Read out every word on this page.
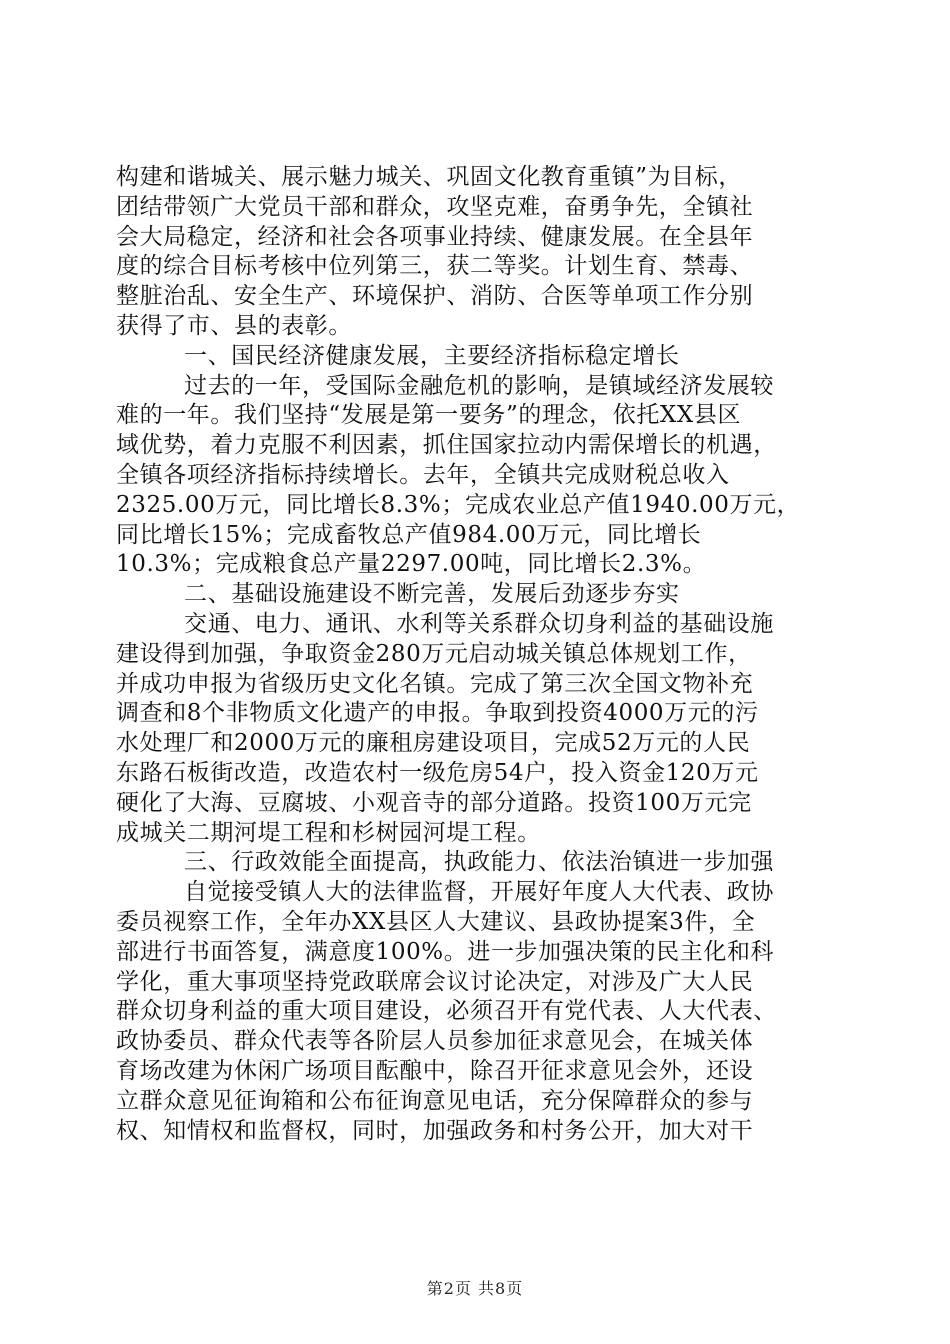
构建和谐城关、展示魅力城关、巩固文化教育重镇”为目标，
团结带领广大党员干部和群众，攻坚克难，奋勇争先，全镇社
会大局稳定，经济和社会各项事业持续、健康发展。在全县年
度的综合目标考核中位列第三，获二等奖。计划生育、禁毒、
整脏治乱、安全生产、环境保护、消防、合医等单项工作分别
获得了市、县的表彰。
一、国民经济健康发展，主要经济指标稳定增长
过去的一年，受国际金融危机的影响，是镇域经济发展较
难的一年。我们坚持“发展是第一要务”的理念，依托XX县区
域优势，着力克服不利因素，抓住国家拉动内需保增长的机遇，
全镇各项经济指标持续增长。去年，全镇共完成财税总收入
2325.00万元，同比增长8.3%；完成农业总产值1940.00万元，
同比增长15%；完成畜牧总产值984.00万元，同比增长
10.3%；完成粮食总产量2297.00吨，同比增长2.3%。
二、基础设施建设不断完善，发展后劲逐步夯实
交通、电力、通讯、水利等关系群众切身利益的基础设施
建设得到加强，争取资金280万元启动城关镇总体规划工作，
并成功申报为省级历史文化名镇。完成了第三次全国文物补充
调查和8个非物质文化遗产的申报。争取到投资4000万元的污
水处理厂和2000万元的廉租房建设项目，完成52万元的人民
东路石板街改造，改造农村一级危房54户，投入资金120万元
硬化了大海、豆腐坡、小观音寺的部分道路。投资100万元完
成城关二期河堤工程和杉树园河堤工程。
三、行政效能全面提高，执政能力、依法治镇进一步加强
自觉接受镇人大的法律监督，开展好年度人大代表、政协
委员视察工作，全年办XX县区人大建议、县政协提案3件，全
部进行书面答复，满意度100%。进一步加强决策的民主化和科
学化，重大事项坚持党政联席会议讨论决定，对涉及广大人民
群众切身利益的重大项目建设，必须召开有党代表、人大代表、
政协委员、群众代表等各阶层人员参加征求意见会，在城关体
育场改建为休闲广场项目酝酿中，除召开征求意见会外，还设
立群众意见征询箱和公布征询意见电话，充分保障群众的参与
权、知情权和监督权，同时，加强政务和村务公开，加大对干
第2页 共8页
